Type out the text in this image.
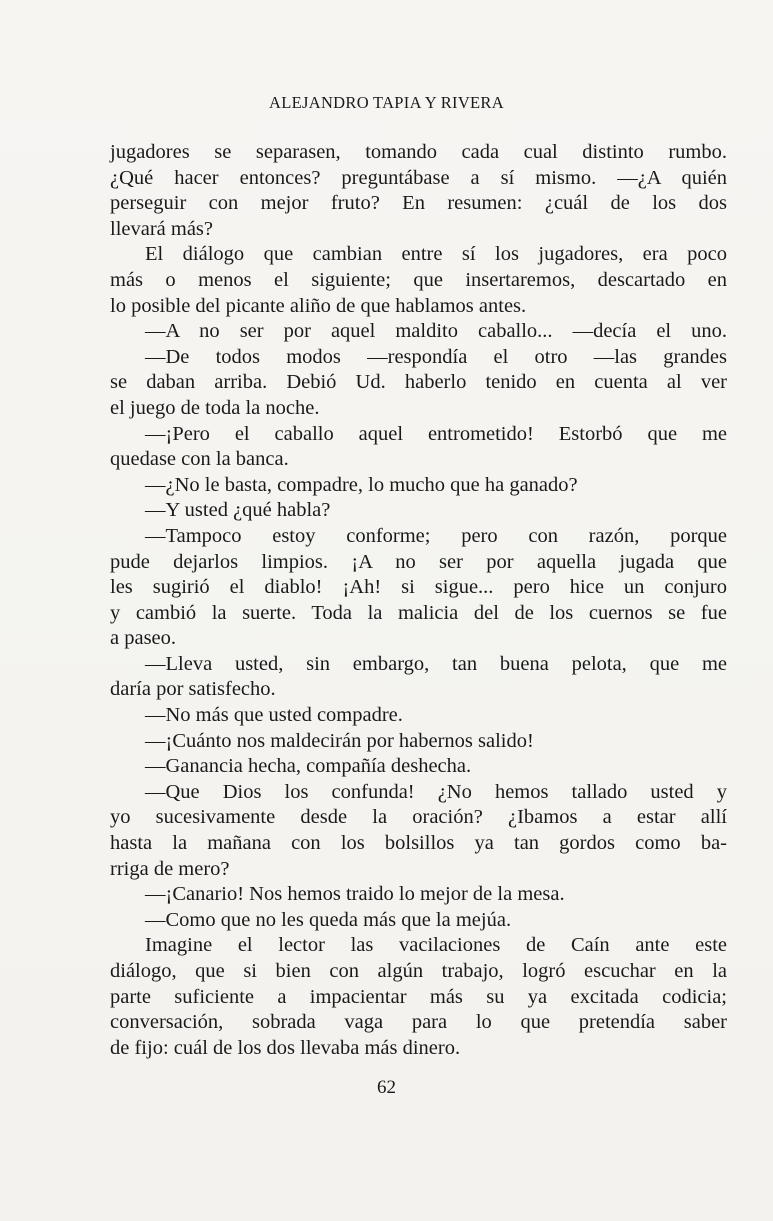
ALEJANDRO TAPIA Y RIVERA

jugadores se separasen, tomando cada cual distinto rumbo.

¿Qué hacer entonces? preguntábase a sí mismo. —¿A quién

perseguir con mejor fruto? En resumen: ¿cuál de los dos

llevará más?

El diálogo que cambian entre sí los jugadores, era poco

más o menos el siguiente; que insertaremos, descartado en

lo posible del picante aliño de que hablamos antes.

—A no ser por aquel maldito caballo... —decía el uno.

—De todos modos —respondía el otro —las grandes

se daban arriba. Debió Ud. haberlo tenido en cuenta al ver

el juego de toda la noche.

—¡Pero el caballo aquel entrometido! Estorbó que me

quedase con la banca.

—¿No le basta, compadre, lo mucho que ha ganado?

—Y usted ¿qué habla?

—Tampoco estoy conforme; pero con razón, porque

pude dejarlos limpios. ¡A no ser por aquella jugada que

les sugirió el diablo! ¡Ah! si sigue... pero hice un conjuro

y cambió la suerte. Toda la malicia del de los cuernos se fue

a paseo.

—Lleva usted, sin embargo, tan buena pelota, que me

daría por satisfecho.

—No más que usted compadre.

—¡Cuánto nos maldecirán por habernos salido!

—Ganancia hecha, compañía deshecha.

—Que Dios los confunda! ¿No hemos tallado usted y

yo sucesivamente desde la oración? ¿Ibamos a estar allí

hasta la mañana con los bolsillos ya tan gordos como ba-

rriga de mero?

—¡Canario! Nos hemos traido lo mejor de la mesa.

—Como que no les queda más que la mejúa.

Imagine el lector las vacilaciones de Caín ante este

diálogo, que si bien con algún trabajo, logró escuchar en la

parte suficiente a impacientar más su ya excitada codicia;

conversación, sobrada vaga para lo que pretendía saber

de fijo: cuál de los dos llevaba más dinero.

62
